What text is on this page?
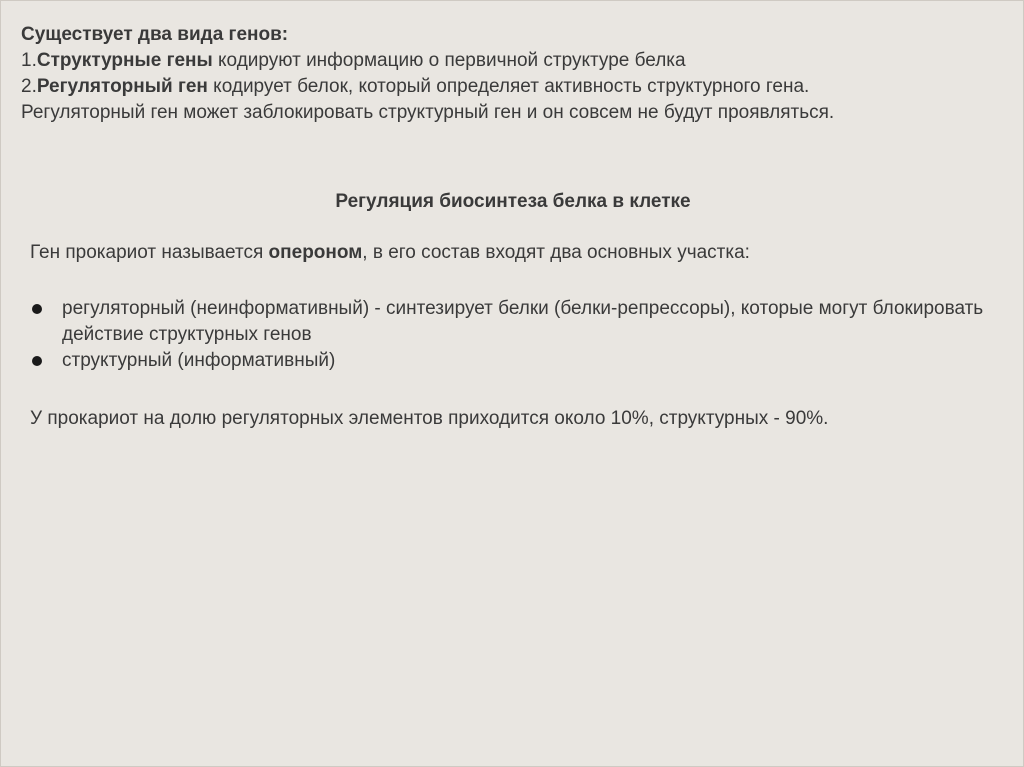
Существует два вида генов:

1.Структурные гены кодируют информацию о первичной структуре белка

2.Регуляторный ген кодирует белок, который определяет активность структурного гена.

Регуляторный ген может заблокировать структурный ген и он совсем не будут проявляться.

Регуляция биосинтеза белка в клетке

Ген прокариот называется опероном, в его состав входят два основных участка:

регуляторный (неинформативный) - синтезирует белки (белки-репрессоры), которые могут блокировать действие структурных генов
структурный (информативный)

У прокариот на долю регуляторных элементов приходится около 10%, структурных - 90%.
